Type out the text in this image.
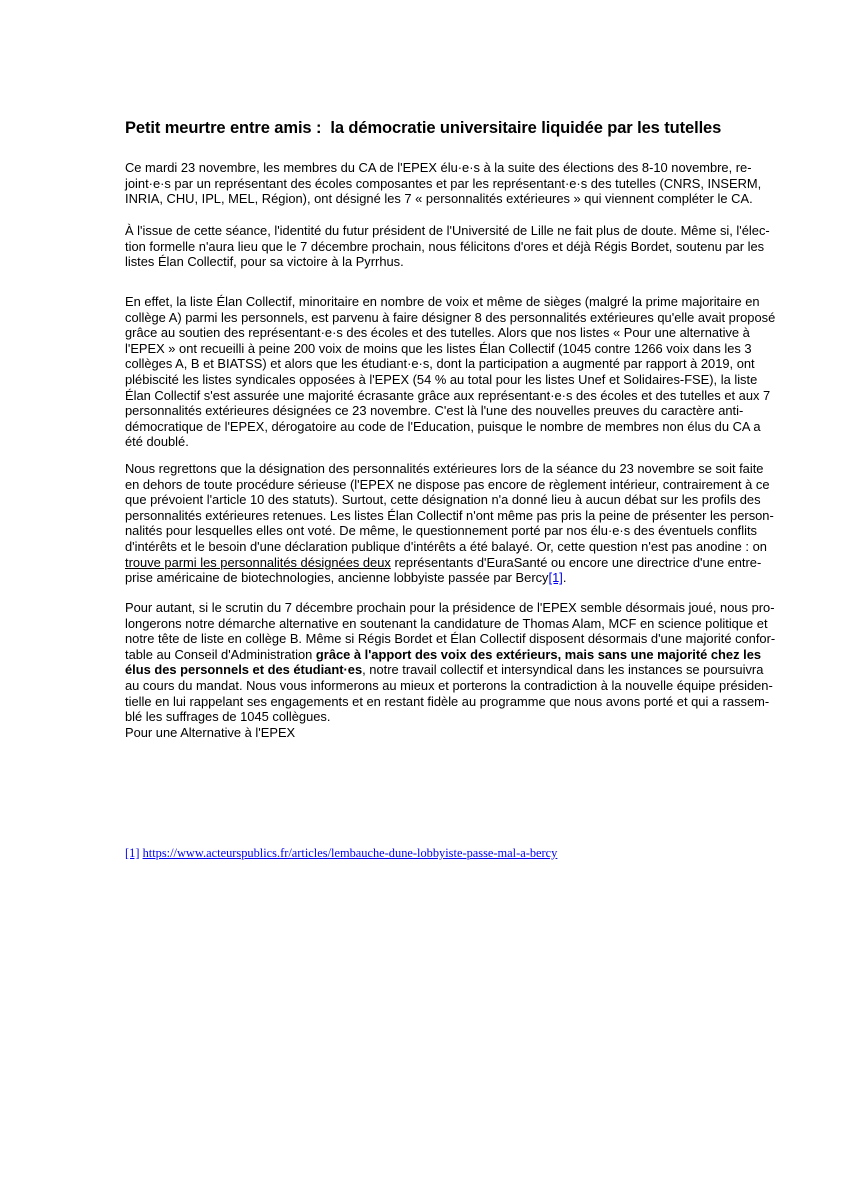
Petit meurtre entre amis :  la démocratie universitaire liquidée par les tutelles

Ce mardi 23 novembre, les membres du CA de l'EPEX élu·e·s à la suite des élections des 8-10 novembre, re-
joint·e·s par un représentant des écoles composantes et par les représentant·e·s des tutelles (CNRS, INSERM,
INRIA, CHU, IPL, MEL, Région), ont désigné les 7 « personnalités extérieures » qui viennent compléter le CA.

À l'issue de cette séance, l'identité du futur président de l'Université de Lille ne fait plus de doute. Même si, l'élec-
tion formelle n'aura lieu que le 7 décembre prochain, nous félicitons d'ores et déjà Régis Bordet, soutenu par les
listes Élan Collectif, pour sa victoire à la Pyrrhus.

En effet, la liste Élan Collectif, minoritaire en nombre de voix et même de sièges (malgré la prime majoritaire en
collège A) parmi les personnels, est parvenu à faire désigner 8 des personnalités extérieures qu'elle avait proposé
grâce au soutien des représentant·e·s des écoles et des tutelles. Alors que nos listes « Pour une alternative à
l'EPEX » ont recueilli à peine 200 voix de moins que les listes Élan Collectif (1045 contre 1266 voix dans les 3
collèges A, B et BIATSS) et alors que les étudiant·e·s, dont la participation a augmenté par rapport à 2019, ont
plébiscité les listes syndicales opposées à l'EPEX (54 % au total pour les listes Unef et Solidaires-FSE), la liste
Élan Collectif s'est assurée une majorité écrasante grâce aux représentant·e·s des écoles et des tutelles et aux 7
personnalités extérieures désignées ce 23 novembre. C'est là l'une des nouvelles preuves du caractère anti-
démocratique de l'EPEX, dérogatoire au code de l'Education, puisque le nombre de membres non élus du CA a
été doublé.

Nous regrettons que la désignation des personnalités extérieures lors de la séance du 23 novembre se soit faite
en dehors de toute procédure sérieuse (l'EPEX ne dispose pas encore de règlement intérieur, contrairement à ce
que prévoient l'article 10 des statuts). Surtout, cette désignation n'a donné lieu à aucun débat sur les profils des
personnalités extérieures retenues. Les listes Élan Collectif n'ont même pas pris la peine de présenter les person-
nalités pour lesquelles elles ont voté. De même, le questionnement porté par nos élu·e·s des éventuels conflits
d'intérêts et le besoin d'une déclaration publique d'intérêts a été balayé. Or, cette question n'est pas anodine : on
trouve parmi les personnalités désignées deux représentants d'EuraSanté ou encore une directrice d'une entre-
prise américaine de biotechnologies, ancienne lobbyiste passée par Bercy[1].

Pour autant, si le scrutin du 7 décembre prochain pour la présidence de l'EPEX semble désormais joué, nous pro-
longerons notre démarche alternative en soutenant la candidature de Thomas Alam, MCF en science politique et
notre tête de liste en collège B. Même si Régis Bordet et Élan Collectif disposent désormais d'une majorité confor-
table au Conseil d'Administration grâce à l'apport des voix des extérieurs, mais sans une majorité chez les
élus des personnels et des étudiant·es, notre travail collectif et intersyndical dans les instances se poursuivra
au cours du mandat. Nous vous informerons au mieux et porterons la contradiction à la nouvelle équipe présiden-
tielle en lui rappelant ses engagements et en restant fidèle au programme que nous avons porté et qui a rassem-
blé les suffrages de 1045 collègues.

Pour une Alternative à l'EPEX

[1] https://www.acteurspublics.fr/articles/lembauche-dune-lobbyiste-passe-mal-a-bercy
